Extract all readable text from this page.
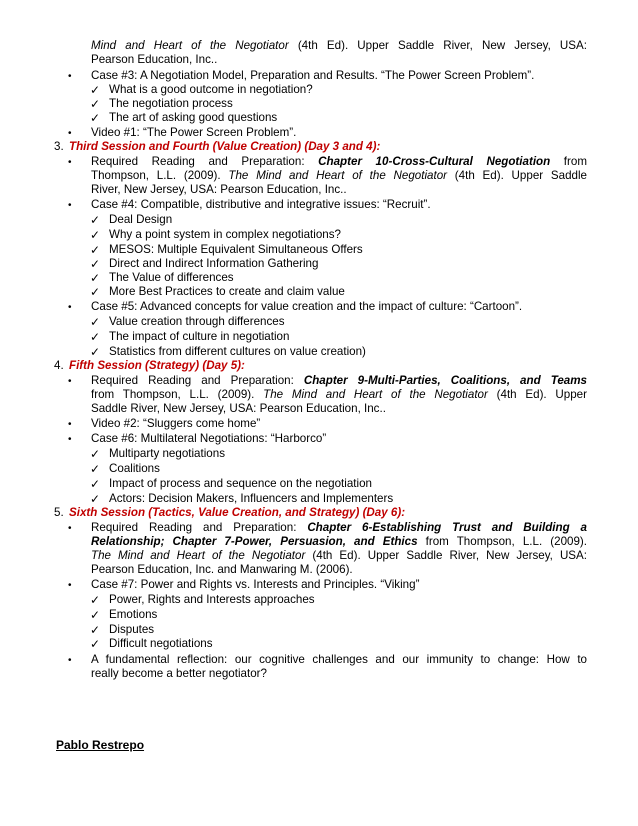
Mind and Heart of the Negotiator (4th Ed). Upper Saddle River, New Jersey, USA:
Pearson Education, Inc..
• Case #3: A Negotiation Model, Preparation and Results. “The Power Screen Problem”.
✓ What is a good outcome in negotiation?
✓ The negotiation process
✓ The art of asking good questions
• Video #1: “The Power Screen Problem”.
3. Third Session and Fourth (Value Creation) (Day 3 and 4):
• Required Reading and Preparation: Chapter 10-Cross-Cultural Negotiation from
Thompson, L.L. (2009). The Mind and Heart of the Negotiator (4th Ed). Upper Saddle
River, New Jersey, USA: Pearson Education, Inc..
• Case #4: Compatible, distributive and integrative issues: “Recruit”.
✓ Deal Design
✓ Why a point system in complex negotiations?
✓ MESOS: Multiple Equivalent Simultaneous Offers
✓ Direct and Indirect Information Gathering
✓ The Value of differences
✓ More Best Practices to create and claim value
• Case #5: Advanced concepts for value creation and the impact of culture: “Cartoon”.
✓ Value creation through differences
✓ The impact of culture in negotiation
✓ Statistics from different cultures on value creation)
4. Fifth Session (Strategy) (Day 5):
• Required Reading and Preparation: Chapter 9-Multi-Parties, Coalitions, and Teams
from Thompson, L.L. (2009). The Mind and Heart of the Negotiator (4th Ed). Upper
Saddle River, New Jersey, USA: Pearson Education, Inc..
• Video #2: “Sluggers come home”
• Case #6: Multilateral Negotiations: “Harborco”
✓ Multiparty negotiations
✓ Coalitions
✓ Impact of process and sequence on the negotiation
✓ Actors: Decision Makers, Influencers and Implementers
5. Sixth Session (Tactics, Value Creation, and Strategy) (Day 6):
• Required Reading and Preparation: Chapter 6-Establishing Trust and Building a
Relationship; Chapter 7-Power, Persuasion, and Ethics from Thompson, L.L. (2009).
The Mind and Heart of the Negotiator (4th Ed). Upper Saddle River, New Jersey, USA:
Pearson Education, Inc. and Manwaring M. (2006).
• Case #7: Power and Rights vs. Interests and Principles. “Viking”
✓ Power, Rights and Interests approaches
✓ Emotions
✓ Disputes
✓ Difficult negotiations
• A fundamental reflection: our cognitive challenges and our immunity to change: How to
really become a better negotiator?
Pablo Restrepo
